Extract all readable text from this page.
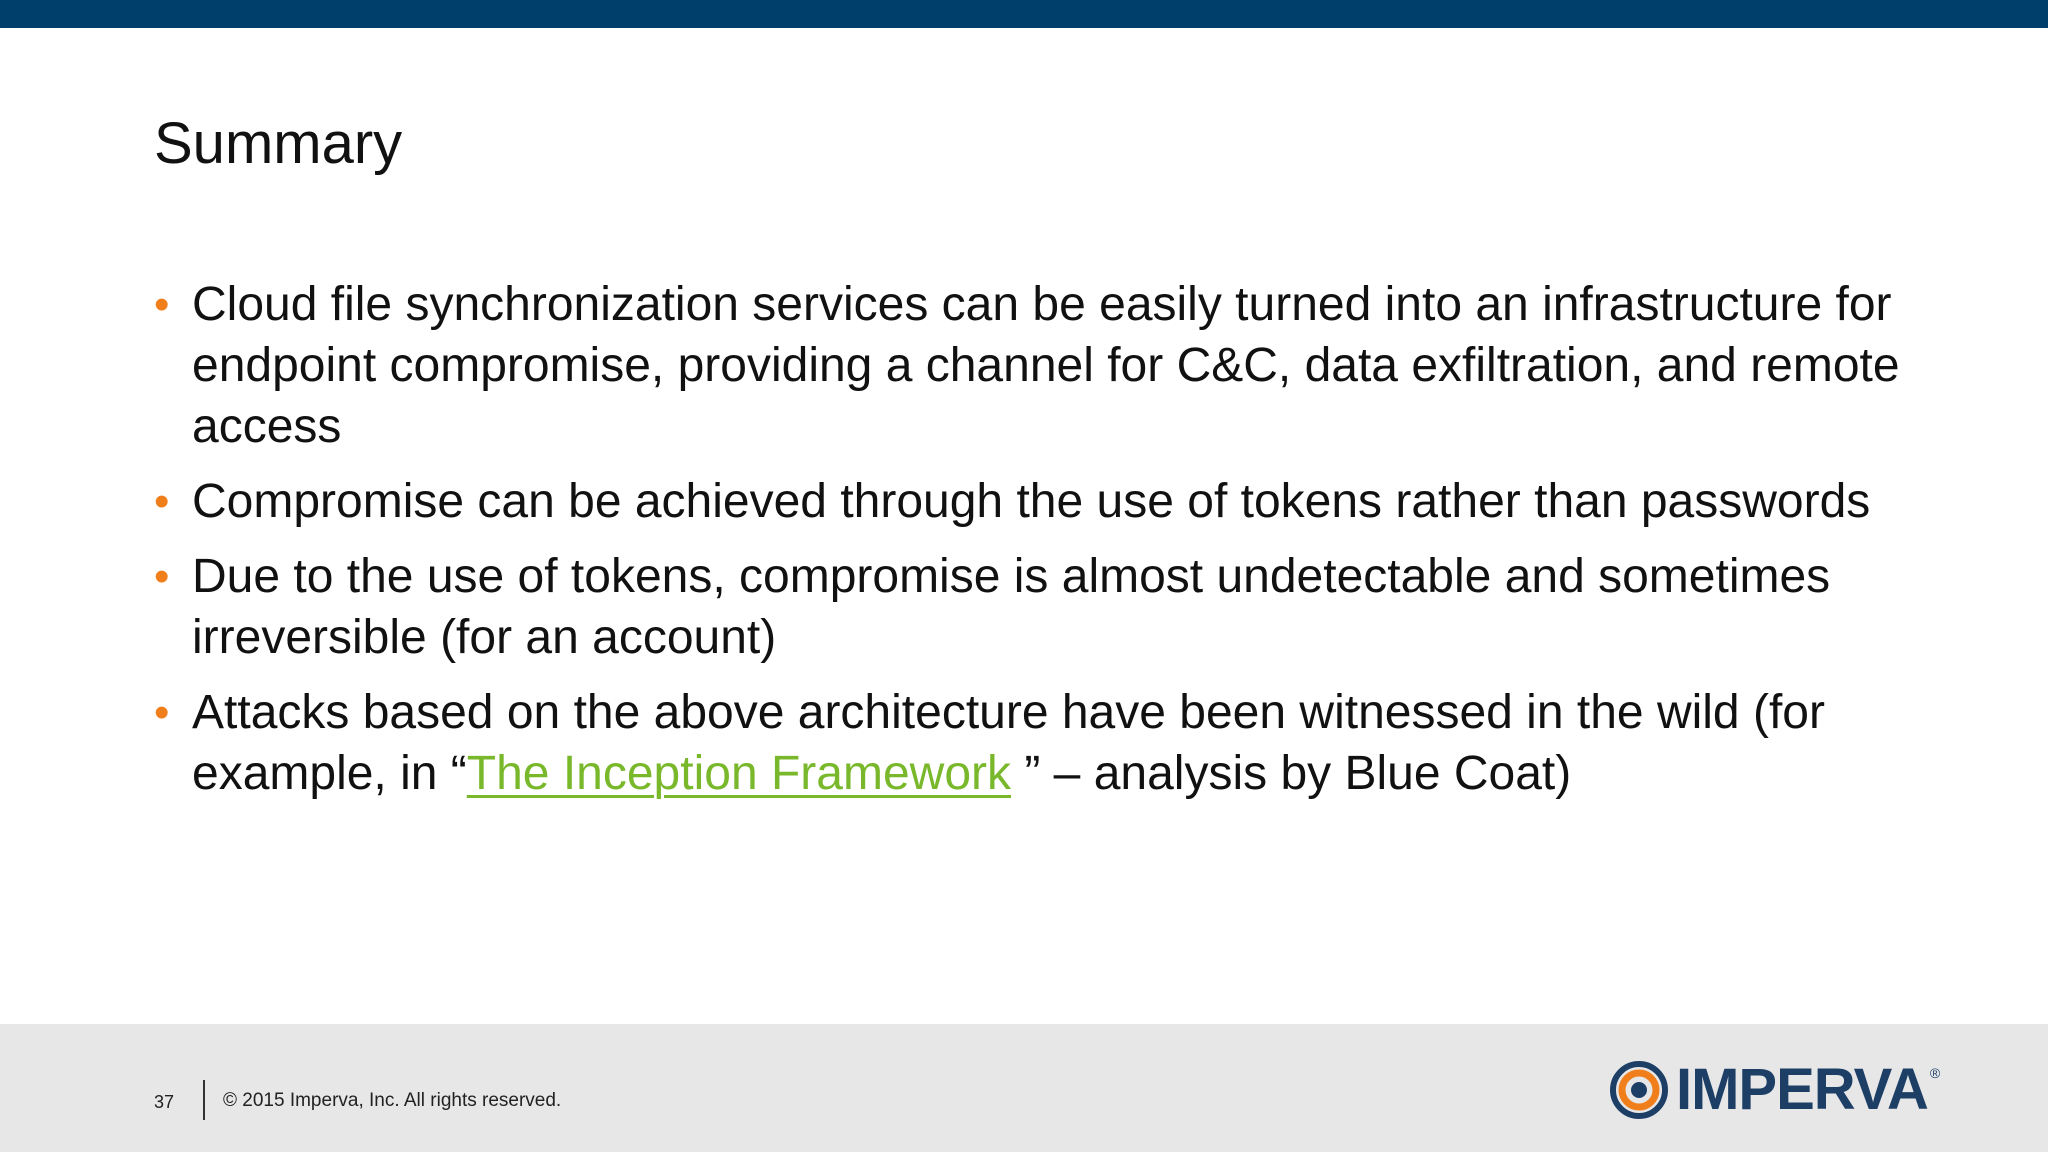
Summary
• Cloud file synchronization services can be easily turned into an infrastructure for endpoint compromise, providing a channel for C&C, data exfiltration, and remote access
• Compromise can be achieved through the use of tokens rather than passwords
• Due to the use of tokens, compromise is almost undetectable and sometimes irreversible (for an account)
• Attacks based on the above architecture have been witnessed in the wild (for example, in “The Inception Framework ” – analysis by Blue Coat)
37	© 2015 Imperva, Inc. All rights reserved.	IMPERVA ®
